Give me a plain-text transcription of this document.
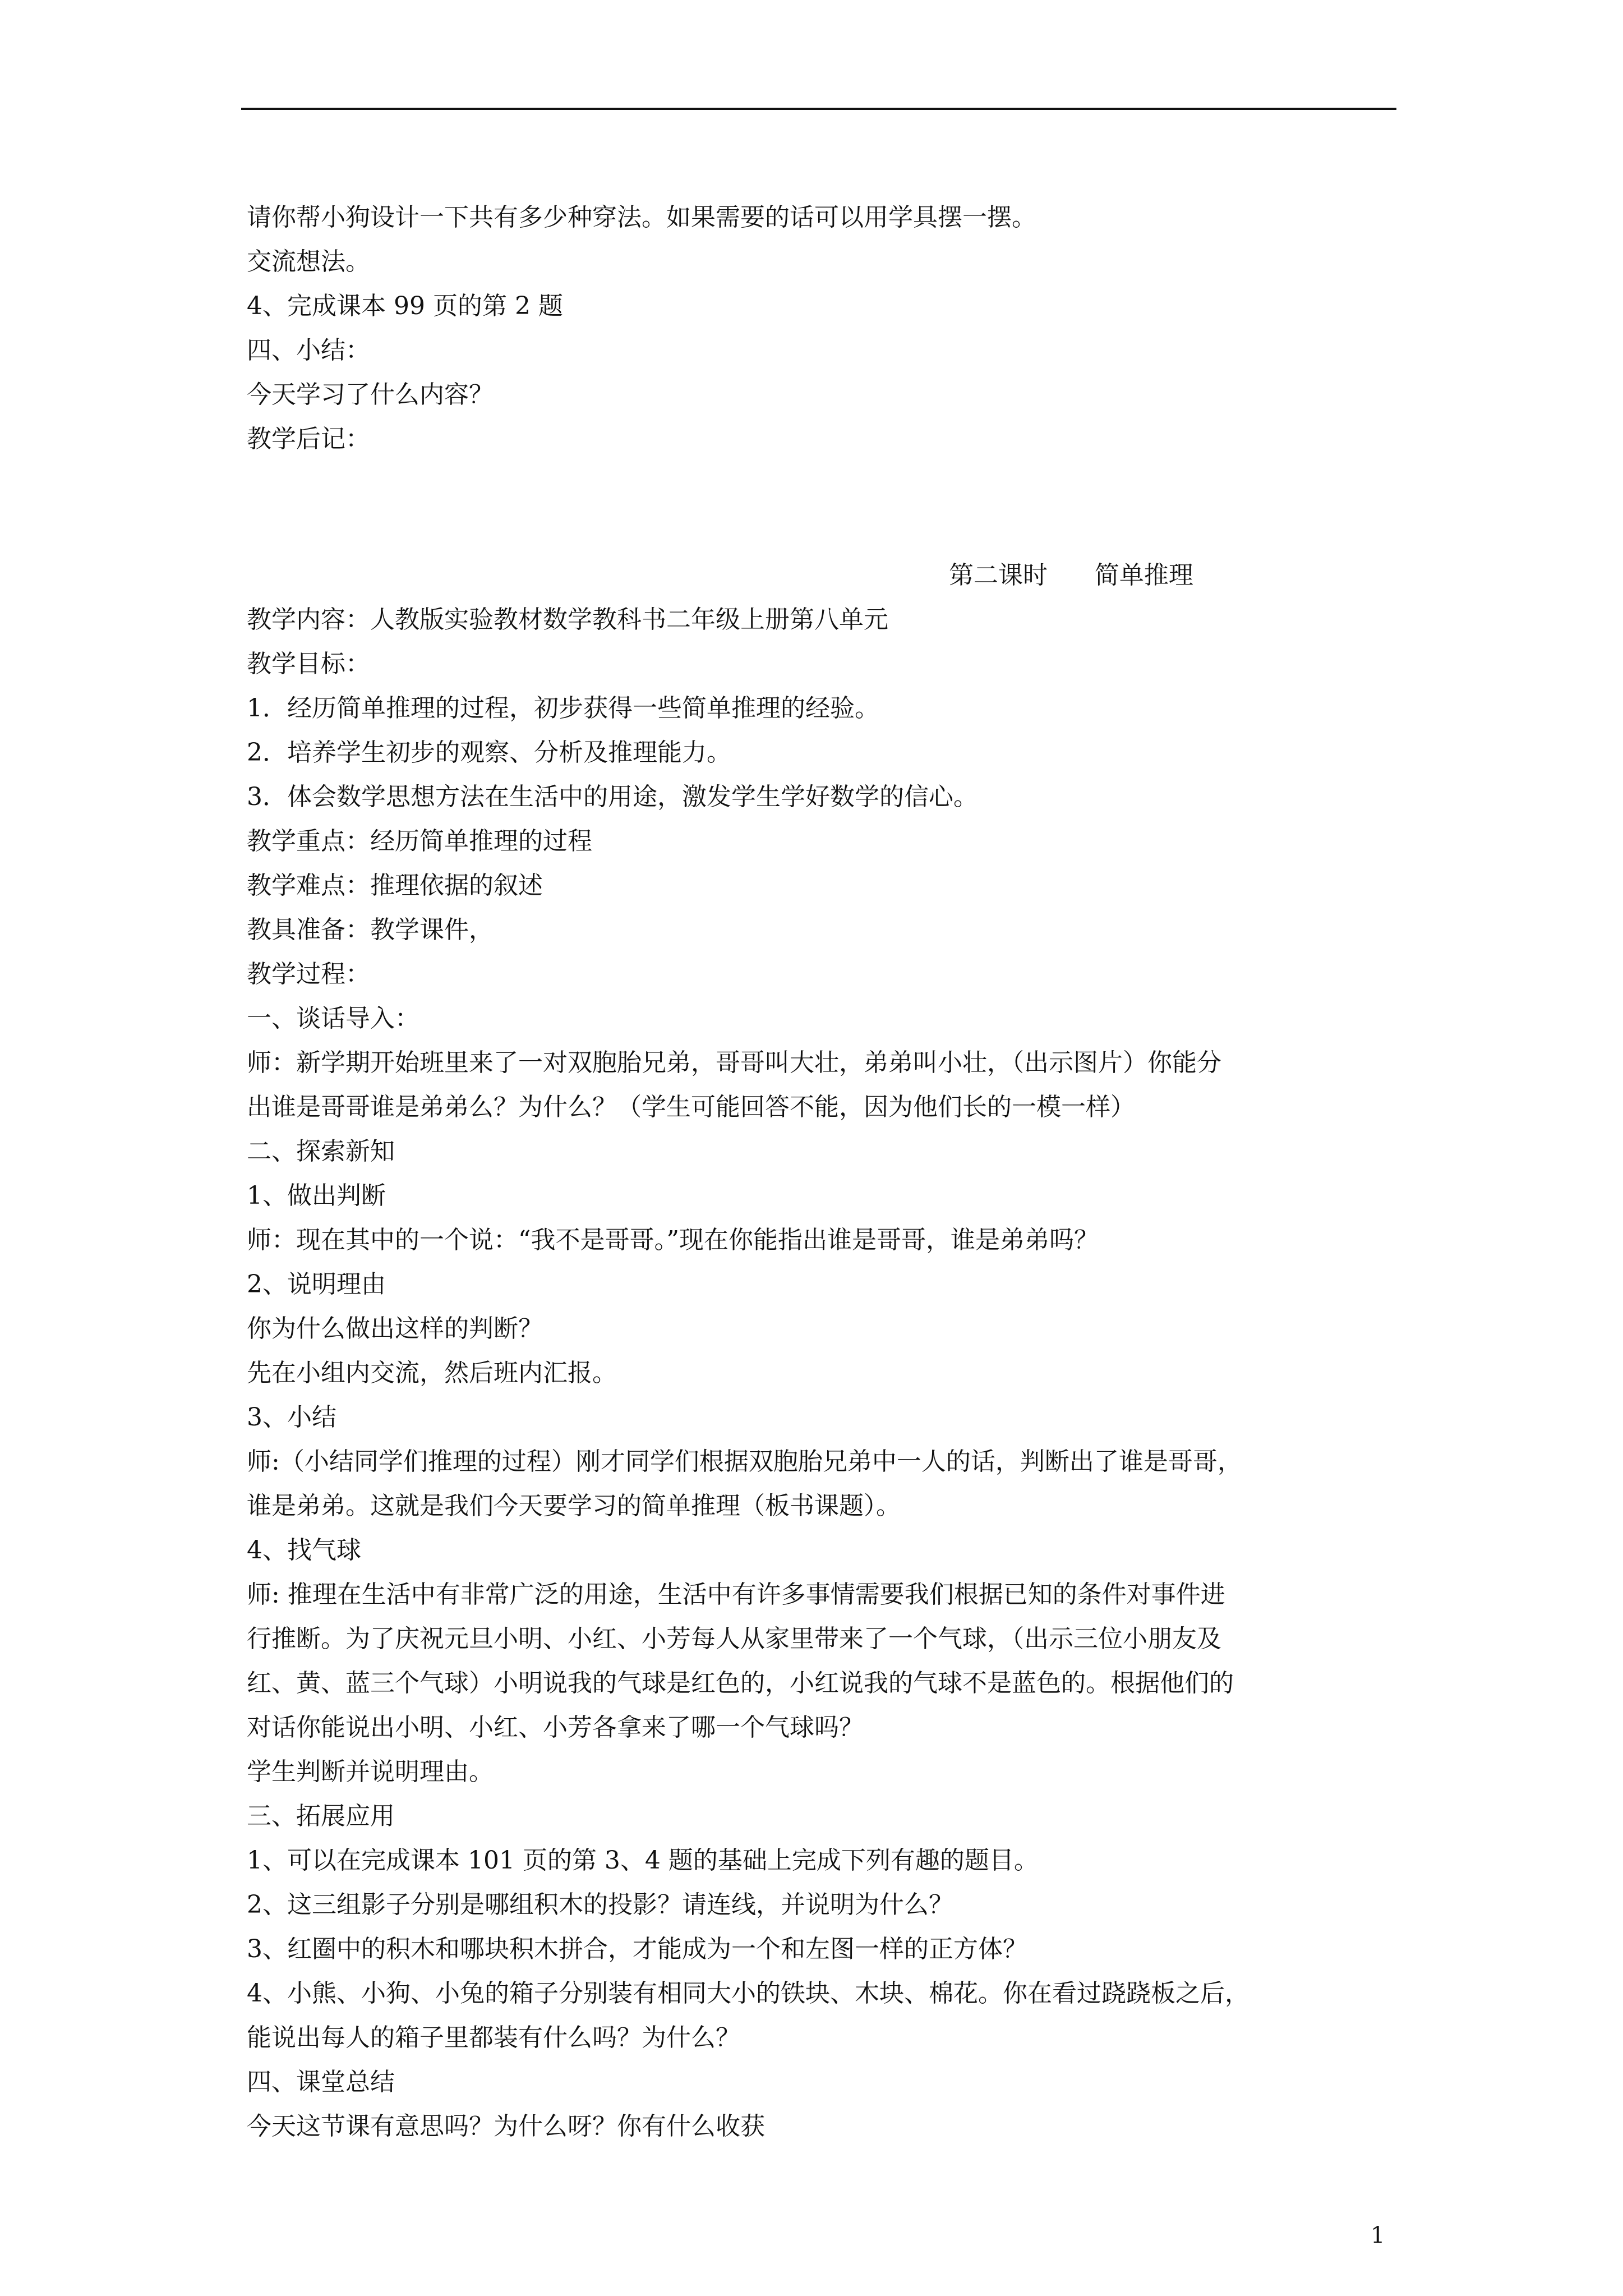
请你帮小狗设计一下共有多少种穿法。如果需要的话可以用学具摆一摆。
交流想法。
4、完成课本 99 页的第 2 题
四、小结：
今天学习了什么内容？
教学后记：
第二课时      简单推理
教学内容：人教版实验教材数学教科书二年级上册第八单元
教学目标：
1．经历简单推理的过程，初步获得一些简单推理的经验。
2．培养学生初步的观察、分析及推理能力。
3．体会数学思想方法在生活中的用途，激发学生学好数学的信心。
教学重点：经历简单推理的过程
教学难点：推理依据的叙述
教具准备：教学课件，
教学过程：
一、谈话导入：
师：新学期开始班里来了一对双胞胎兄弟，哥哥叫大壮，弟弟叫小壮，（出示图片）你能分
出谁是哥哥谁是弟弟么？为什么？（学生可能回答不能，因为他们长的一模一样）
二、探索新知
1、做出判断
师：现在其中的一个说：“我不是哥哥。”现在你能指出谁是哥哥，谁是弟弟吗？
2、说明理由
你为什么做出这样的判断？
先在小组内交流，然后班内汇报。
3、小结
师:（小结同学们推理的过程）刚才同学们根据双胞胎兄弟中一人的话，判断出了谁是哥哥，
谁是弟弟。这就是我们今天要学习的简单推理（板书课题）。
4、找气球
师: 推理在生活中有非常广泛的用途，生活中有许多事情需要我们根据已知的条件对事件进
行推断。为了庆祝元旦小明、小红、小芳每人从家里带来了一个气球，（出示三位小朋友及
红、黄、蓝三个气球）小明说我的气球是红色的，小红说我的气球不是蓝色的。根据他们的
对话你能说出小明、小红、小芳各拿来了哪一个气球吗？
学生判断并说明理由。
三、拓展应用
1、可以在完成课本 101 页的第 3、4 题的基础上完成下列有趣的题目。
2、这三组影子分别是哪组积木的投影？请连线，并说明为什么？
3、红圈中的积木和哪块积木拼合，才能成为一个和左图一样的正方体？
4、小熊、小狗、小兔的箱子分别装有相同大小的铁块、木块、棉花。你在看过跷跷板之后，
能说出每人的箱子里都装有什么吗？为什么？
四、课堂总结
今天这节课有意思吗？为什么呀？你有什么收获
1
